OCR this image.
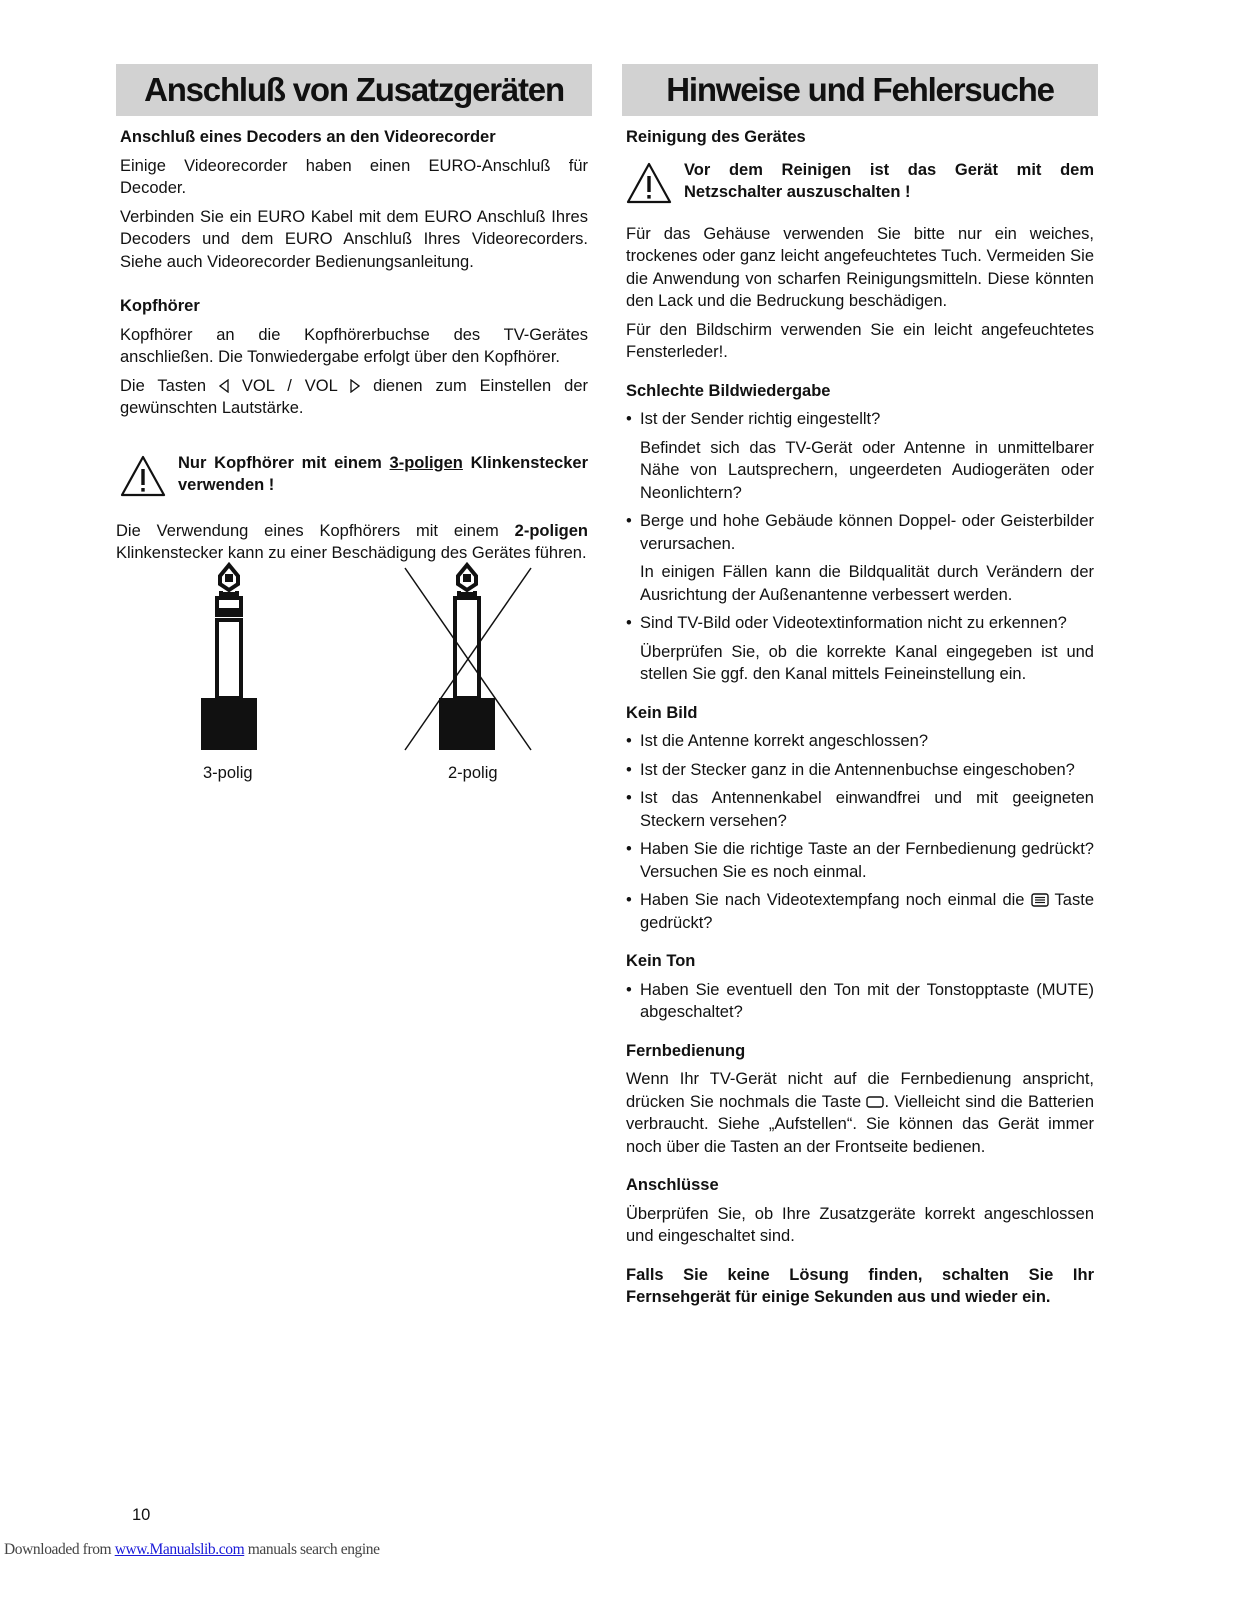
Anschluß von Zusatzgeräten
Anschluß eines Decoders an den Videorecorder

Einige Videorecorder haben einen EURO-Anschluß für Decoder.

Verbinden Sie ein EURO Kabel mit dem EURO Anschluß Ihres Decoders und dem EURO Anschluß Ihres Videorecorders. Siehe auch Videorecorder Bedienungsanleitung.

Kopfhörer

Kopfhörer an die Kopfhörerbuchse des TV-Gerätes anschließen. Die Tonwiedergabe erfolgt über den Kopfhörer.

Die Tasten  VOL / VOL  dienen zum Einstellen der gewünschten Lautstärke.

Nur Kopfhörer mit einem 3-poligen Klinkenstecker verwenden !

Die Verwendung eines Kopfhörers mit einem 2-poligen Klinkenstecker kann zu einer Beschädigung des Gerätes führen.

3-polig	2-polig
Hinweise und Fehlersuche
Reinigung des Gerätes
Vor dem Reinigen ist das Gerät mit dem Netzschalter auszuschalten !

Für das Gehäuse verwenden Sie bitte nur ein weiches, trockenes oder ganz leicht angefeuchtetes Tuch. Vermeiden Sie die Anwendung von scharfen Reinigungsmitteln. Diese könnten den Lack und die Bedruckung beschädigen.

Für den Bildschirm verwenden Sie ein leicht angefeuchtetes Fensterleder!.

Schlechte Bildwiedergabe
• Ist der Sender richtig eingestellt?
Befindet sich das TV-Gerät oder Antenne in unmittelbarer Nähe von Lautsprechern, ungeerdeten Audiogeräten oder Neonlichtern?
• Berge und hohe Gebäude können Doppel- oder Geisterbilder verursachen.
In einigen Fällen kann die Bildqualität durch Verändern der Ausrichtung der Außenantenne verbessert werden.
• Sind TV-Bild oder Videotextinformation nicht zu erkennen?
Überprüfen Sie, ob die korrekte Kanal eingegeben ist und stellen Sie ggf. den Kanal mittels Feineinstellung ein.
Kein Bild
• Ist die Antenne korrekt angeschlossen?
• Ist der Stecker ganz in die Antennenbuchse eingeschoben?
• Ist das Antennenkabel einwandfrei und mit geeigneten Steckern versehen?
• Haben Sie die richtige Taste an der Fernbedienung gedrückt? Versuchen Sie es noch einmal.
• Haben Sie nach Videotextempfang noch einmal die  Taste gedrückt?
Kein Ton
• Haben Sie eventuell den Ton mit der Tonstopptaste (MUTE) abgeschaltet?
Fernbedienung

Wenn Ihr TV-Gerät nicht auf die Fernbedienung anspricht, drücken Sie nochmals die Taste . Vielleicht sind die Batterien verbraucht. Siehe „Aufstellen“. Sie können das Gerät immer noch über die Tasten an der Frontseite bedienen.

Anschlüsse

Überprüfen Sie, ob Ihre Zusatzgeräte korrekt angeschlossen und eingeschaltet sind.

Falls Sie keine Lösung finden, schalten Sie Ihr Fernsehgerät für einige Sekunden aus und wieder ein.

10
Downloaded from www.Manualslib.com manuals search engine
